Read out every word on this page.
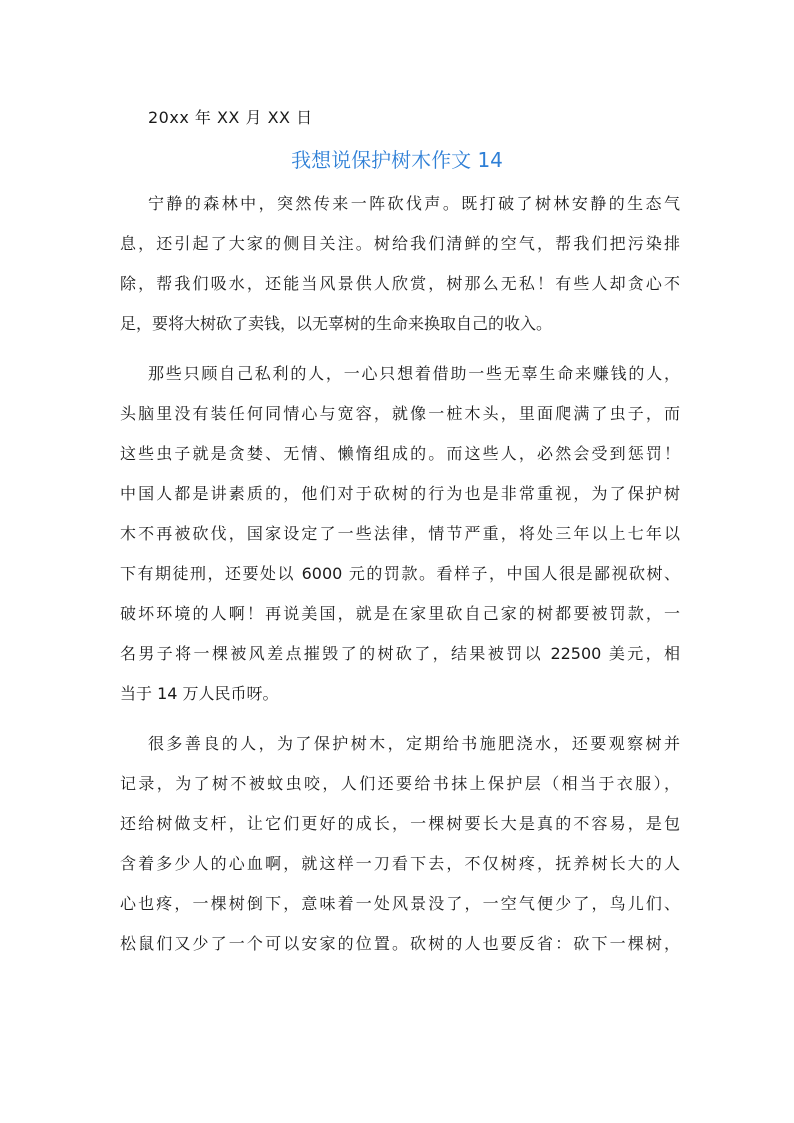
20xx 年 XX 月 XX 日
我想说保护树木作文 14
宁静的森林中，突然传来一阵砍伐声。既打破了树林安静的生态气
息，还引起了大家的侧目关注。树给我们清鲜的空气，帮我们把污染排
除，帮我们吸水，还能当风景供人欣赏，树那么无私！有些人却贪心不
足，要将大树砍了卖钱，以无辜树的生命来换取自己的收入。
那些只顾自己私利的人，一心只想着借助一些无辜生命来赚钱的人，
头脑里没有装任何同情心与宽容，就像一桩木头，里面爬满了虫子，而
这些虫子就是贪婪、无情、懒惰组成的。而这些人，必然会受到惩罚！
中国人都是讲素质的，他们对于砍树的行为也是非常重视，为了保护树
木不再被砍伐，国家设定了一些法律，情节严重，将处三年以上七年以
下有期徒刑，还要处以 6000 元的罚款。看样子，中国人很是鄙视砍树、
破坏环境的人啊！再说美国，就是在家里砍自己家的树都要被罚款，一
名男子将一棵被风差点摧毁了的树砍了，结果被罚以 22500 美元，相
当于 14 万人民币呀。
很多善良的人，为了保护树木，定期给书施肥浇水，还要观察树并
记录，为了树不被蚊虫咬，人们还要给书抹上保护层（相当于衣服），
还给树做支杆，让它们更好的成长，一棵树要长大是真的不容易，是包
含着多少人的心血啊，就这样一刀看下去，不仅树疼，抚养树长大的人
心也疼，一棵树倒下，意味着一处风景没了，一空气便少了，鸟儿们、
松鼠们又少了一个可以安家的位置。砍树的人也要反省：砍下一棵树，
